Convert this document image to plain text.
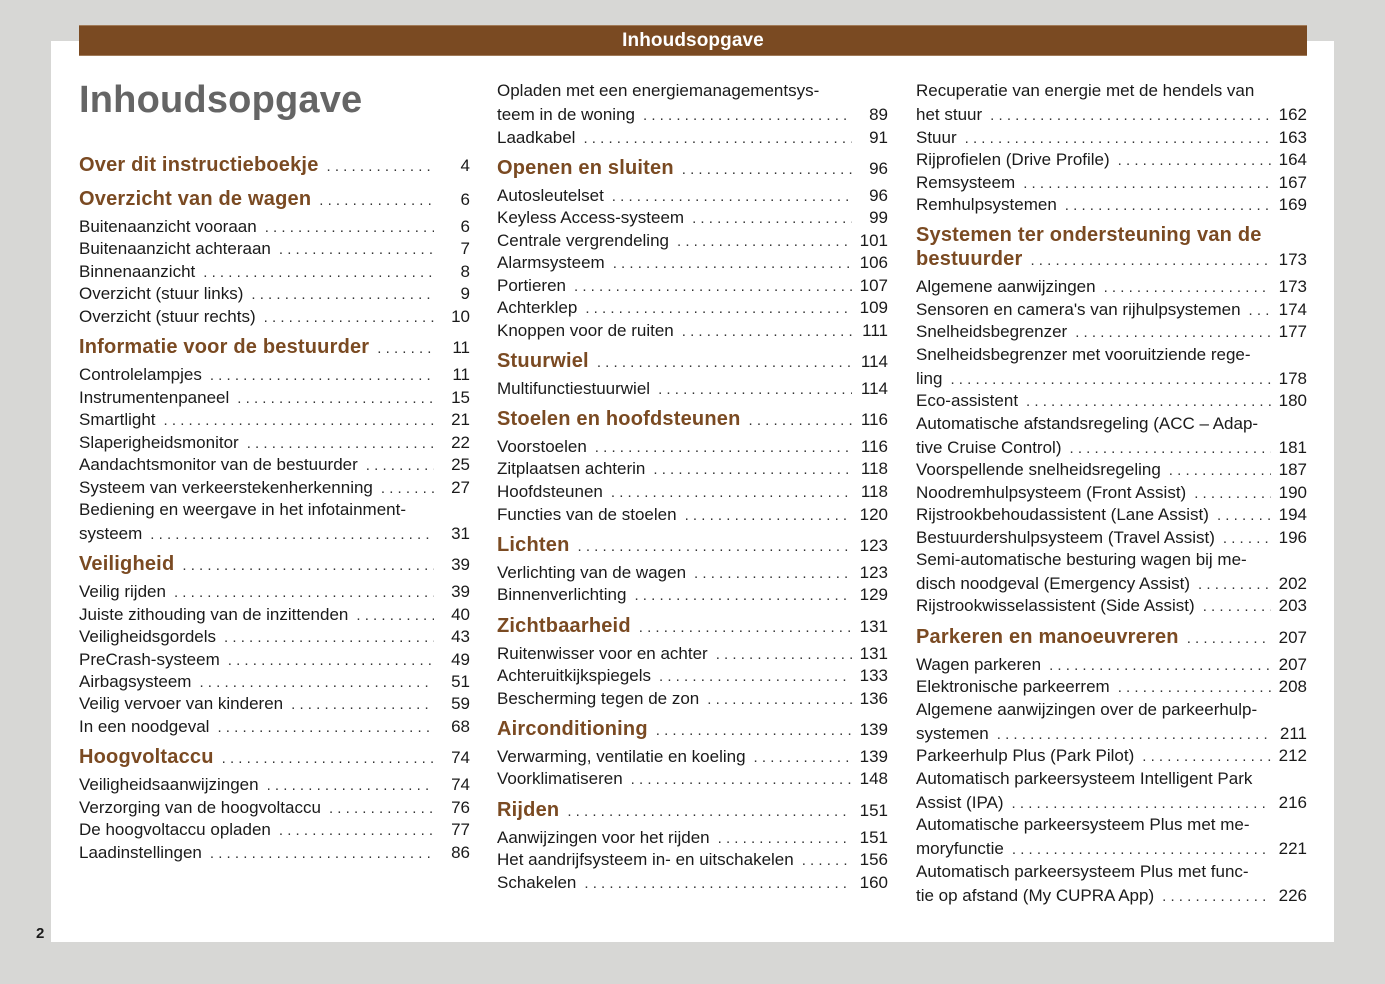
Inhoudsopgave
Inhoudsopgave
Over dit instructieboekje . . .	4
Overzicht van de wagen . . .	6
Buitenaanzicht vooraan . . .	6
Buitenaanzicht achteraan . . .	7
Binnenaanzicht . . .	8
Overzicht (stuur links) . . .	9
Overzicht (stuur rechts) . . .	10
Informatie voor de bestuurder . . .	11
Controlelampjes . . .	11
Instrumentenpaneel . . .	15
Smartlight . . .	21
Slaperigheidsmonitor . . .	22
Aandachtsmonitor van de bestuurder . . .	25
Systeem van verkeerstekenherkenning . . .	27
Bediening en weergave in het infotainment-
systeem . . .	31
Veiligheid . . .	39
Veilig rijden . . .	39
Juiste zithouding van de inzittenden . . .	40
Veiligheidsgordels . . .	43
PreCrash-systeem . . .	49
Airbagsysteem . . .	51
Veilig vervoer van kinderen . . .	59
In een noodgeval . . .	68
Hoogvoltaccu . . .	74
Veiligheidsaanwijzingen . . .	74
Verzorging van de hoogvoltaccu . . .	76
De hoogvoltaccu opladen . . .	77
Laadinstellingen . . .	86
Opladen met een energiemanagementsys-
teem in de woning . . .	89
Laadkabel . . .	91
Openen en sluiten . . .	96
Autosleutelset . . .	96
Keyless Access-systeem . . .	99
Centrale vergrendeling . . .	101
Alarmsysteem . . .	106
Portieren . . .	107
Achterklep . . .	109
Knoppen voor de ruiten . . .	111
Stuurwiel . . .	114
Multifunctiestuurwiel . . .	114
Stoelen en hoofdsteunen . . .	116
Voorstoelen . . .	116
Zitplaatsen achterin . . .	118
Hoofdsteunen . . .	118
Functies van de stoelen . . .	120
Lichten . . .	123
Verlichting van de wagen . . .	123
Binnenverlichting . . .	129
Zichtbaarheid . . .	131
Ruitenwisser voor en achter . . .	131
Achteruitkijkspiegels . . .	133
Bescherming tegen de zon . . .	136
Airconditioning . . .	139
Verwarming, ventilatie en koeling . . .	139
Voorklimatiseren . . .	148
Rijden . . .	151
Aanwijzingen voor het rijden . . .	151
Het aandrijfsysteem in- en uitschakelen . . .	156
Schakelen . . .	160
Recuperatie van energie met de hendels van
het stuur . . .	162
Stuur . . .	163
Rijprofielen (Drive Profile) . . .	164
Remsysteem . . .	167
Remhulpsystemen . . .	169
Systemen ter ondersteuning van de
bestuurder . . .	173
Algemene aanwijzingen . . .	173
Sensoren en camera's van rijhulpsystemen . . . 174
Snelheidsbegrenzer . . .	177
Snelheidsbegrenzer met vooruitziende rege-
ling . . .	178
Eco-assistent . . .	180
Automatische afstandsregeling (ACC – Adap-
tive Cruise Control) . . .	181
Voorspellende snelheidsregeling . . .	187
Noodremhulpsysteem (Front Assist) . . .	190
Rijstrookbehoudassistent (Lane Assist) . . .	194
Bestuurdershulpsysteem (Travel Assist) . . .	196
Semi-automatische besturing wagen bij me-
disch noodgeval (Emergency Assist) . . .	202
Rijstrookwisselassistent (Side Assist) . . .	203
Parkeren en manoeuvreren . . .	207
Wagen parkeren . . .	207
Elektronische parkeerrem . . .	208
Algemene aanwijzingen over de parkeerhulp-
systemen . . .	211
Parkeerhulp Plus (Park Pilot) . . .	212
Automatisch parkeersysteem Intelligent Park
Assist (IPA) . . .	216
Automatische parkeersysteem Plus met me-
moryfunctie . . .	221
Automatisch parkeersysteem Plus met func-
tie op afstand (My CUPRA App) . . .	226
2
